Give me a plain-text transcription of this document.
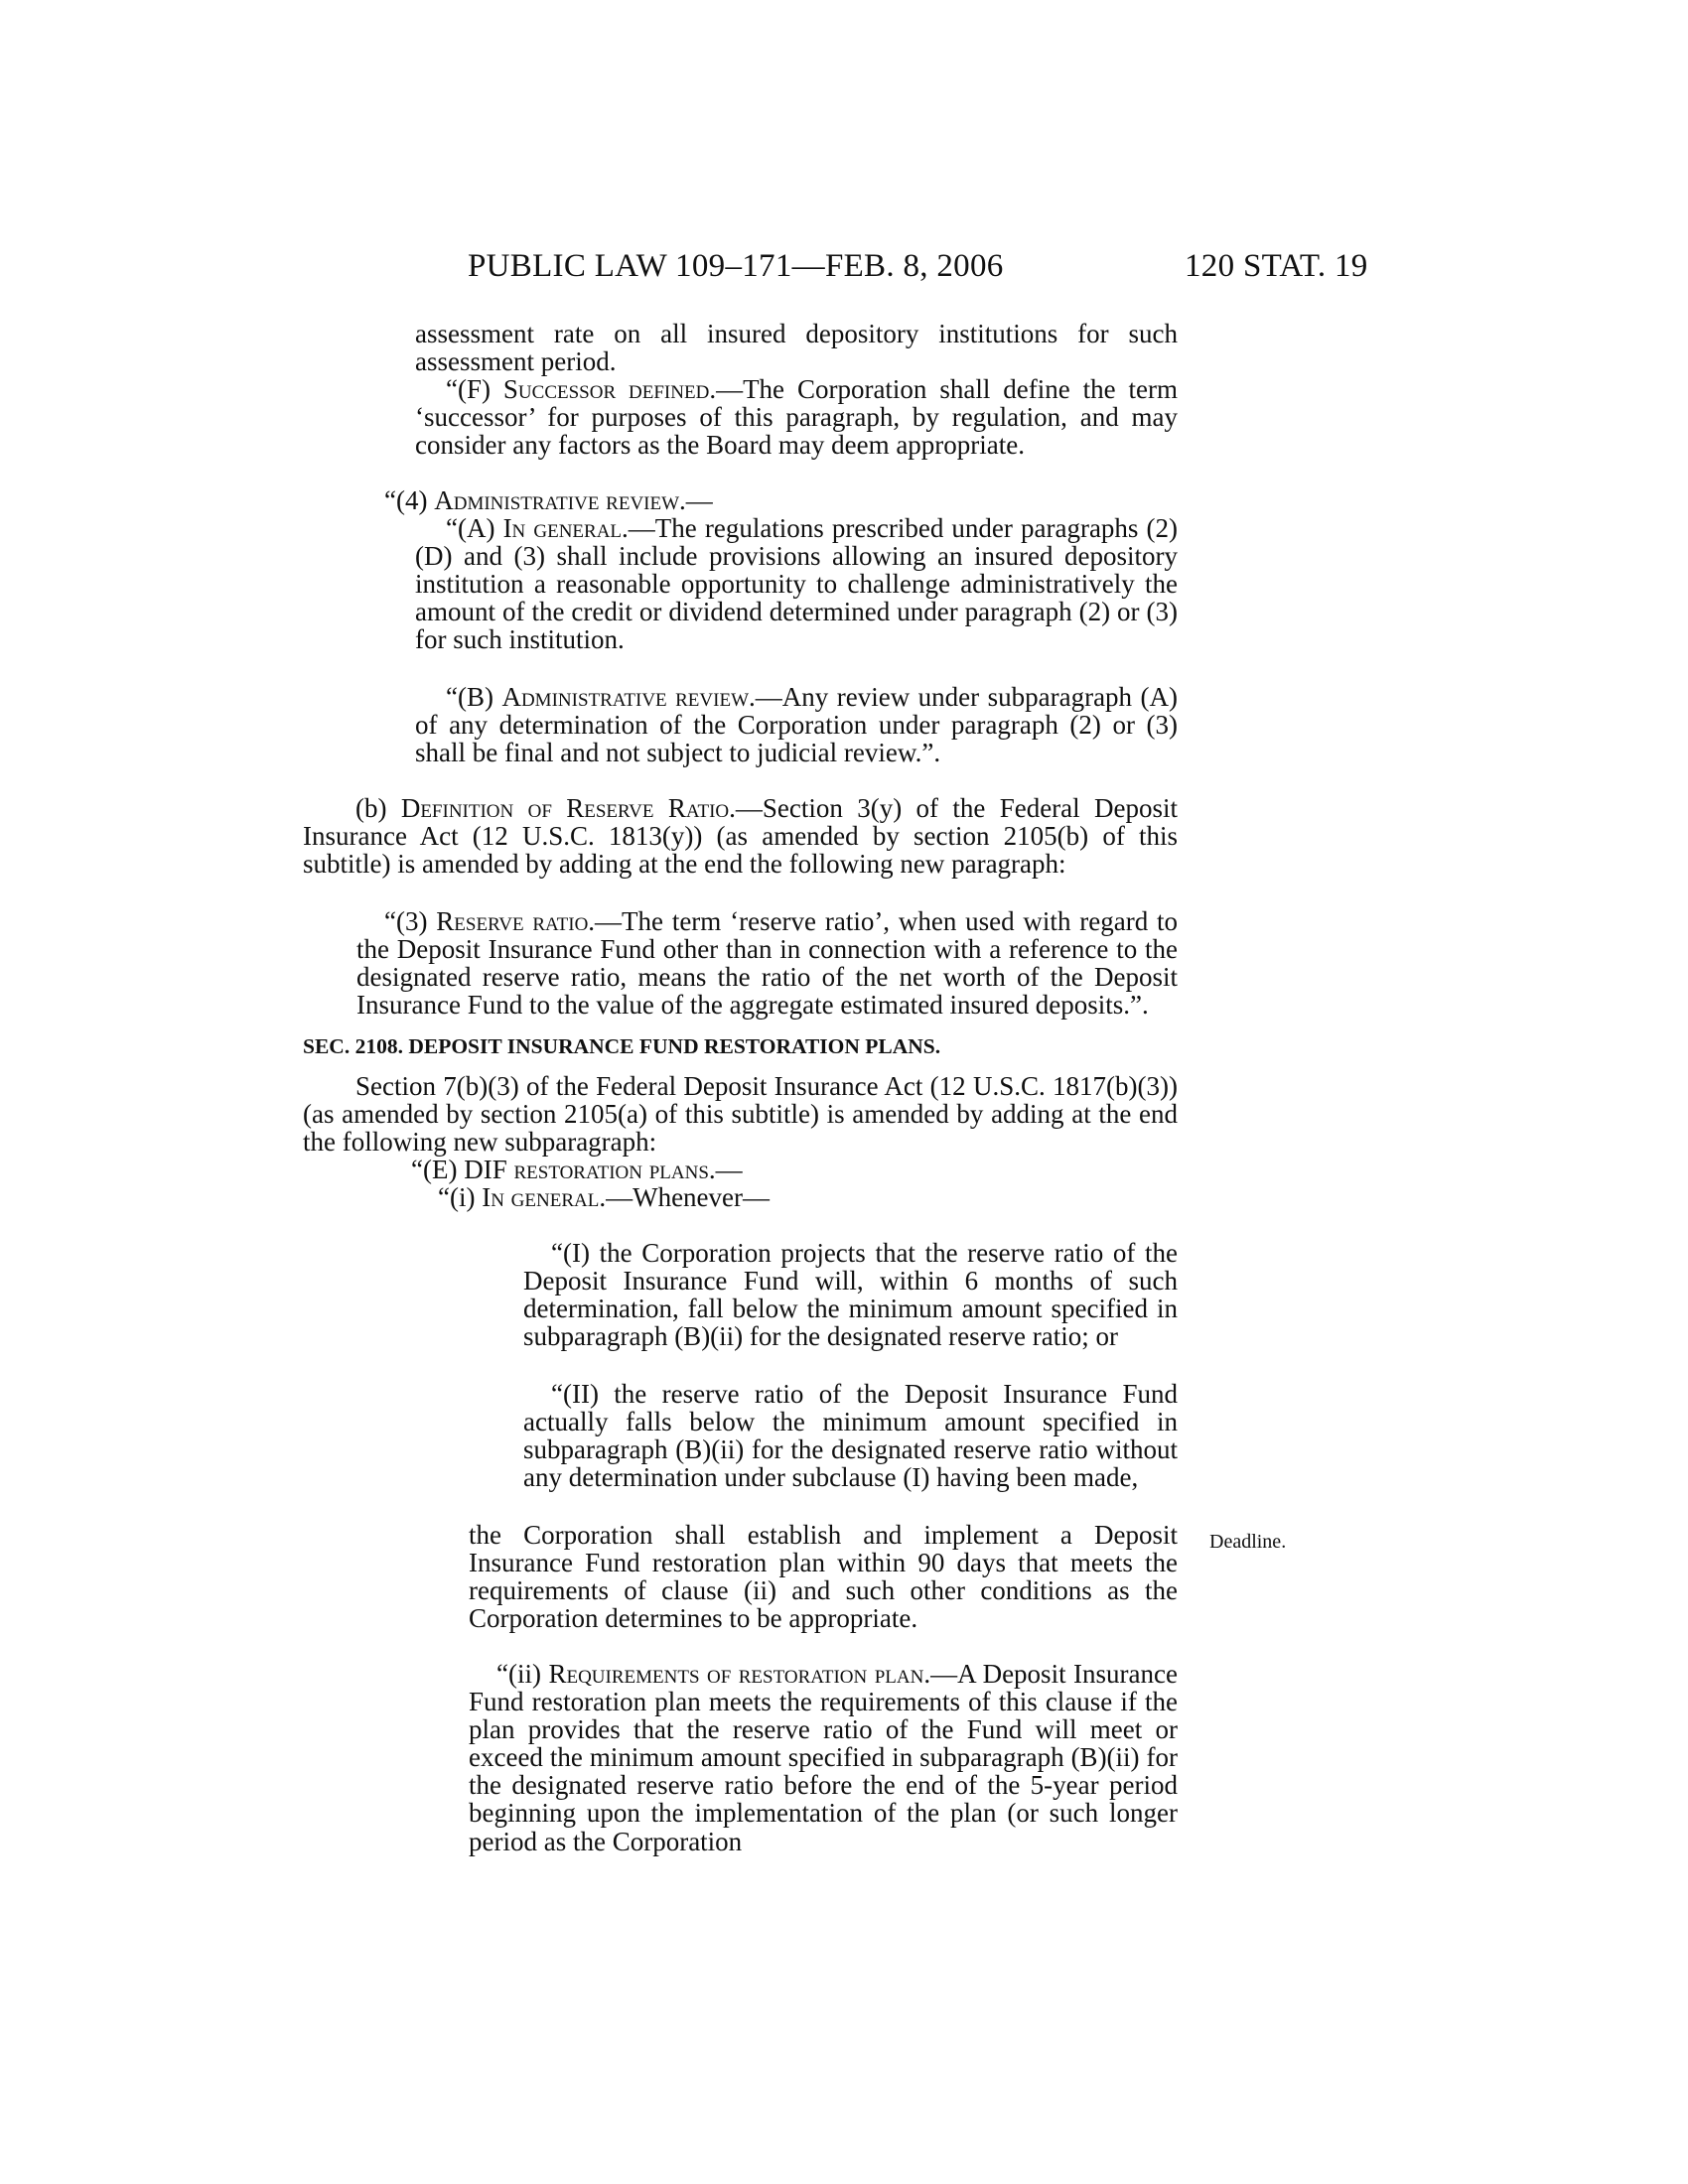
PUBLIC LAW 109–171—FEB. 8, 2006	120 STAT. 19

assessment rate on all insured depository institutions for such assessment period.

“(F) Successor defined.—The Corporation shall define the term ‘successor’ for purposes of this paragraph, by regulation, and may consider any factors as the Board may deem appropriate.

“(4) Administrative review.—

“(A) In general.—The regulations prescribed under paragraphs (2)(D) and (3) shall include provisions allowing an insured depository institution a reasonable opportunity to challenge administratively the amount of the credit or dividend determined under paragraph (2) or (3) for such institution.

“(B) Administrative review.—Any review under subparagraph (A) of any determination of the Corporation under paragraph (2) or (3) shall be final and not subject to judicial review.”.

(b) Definition of Reserve Ratio.—Section 3(y) of the Federal Deposit Insurance Act (12 U.S.C. 1813(y)) (as amended by section 2105(b) of this subtitle) is amended by adding at the end the following new paragraph:

“(3) Reserve ratio.—The term ‘reserve ratio’, when used with regard to the Deposit Insurance Fund other than in connection with a reference to the designated reserve ratio, means the ratio of the net worth of the Deposit Insurance Fund to the value of the aggregate estimated insured deposits.”.

SEC. 2108. DEPOSIT INSURANCE FUND RESTORATION PLANS.

Section 7(b)(3) of the Federal Deposit Insurance Act (12 U.S.C. 1817(b)(3)) (as amended by section 2105(a) of this subtitle) is amended by adding at the end the following new subparagraph:

“(E) DIF restoration plans.—

“(i) In general.—Whenever—

“(I) the Corporation projects that the reserve ratio of the Deposit Insurance Fund will, within 6 months of such determination, fall below the minimum amount specified in subparagraph (B)(ii) for the designated reserve ratio; or

“(II) the reserve ratio of the Deposit Insurance Fund actually falls below the minimum amount specified in subparagraph (B)(ii) for the designated reserve ratio without any determination under subclause (I) having been made,

the Corporation shall establish and implement a Deposit Insurance Fund restoration plan within 90 days that meets the requirements of clause (ii) and such other conditions as the Corporation determines to be appropriate.

Deadline.

“(ii) Requirements of restoration plan.—A Deposit Insurance Fund restoration plan meets the requirements of this clause if the plan provides that the reserve ratio of the Fund will meet or exceed the minimum amount specified in subparagraph (B)(ii) for the designated reserve ratio before the end of the 5-year period beginning upon the implementation of the plan (or such longer period as the Corporation
